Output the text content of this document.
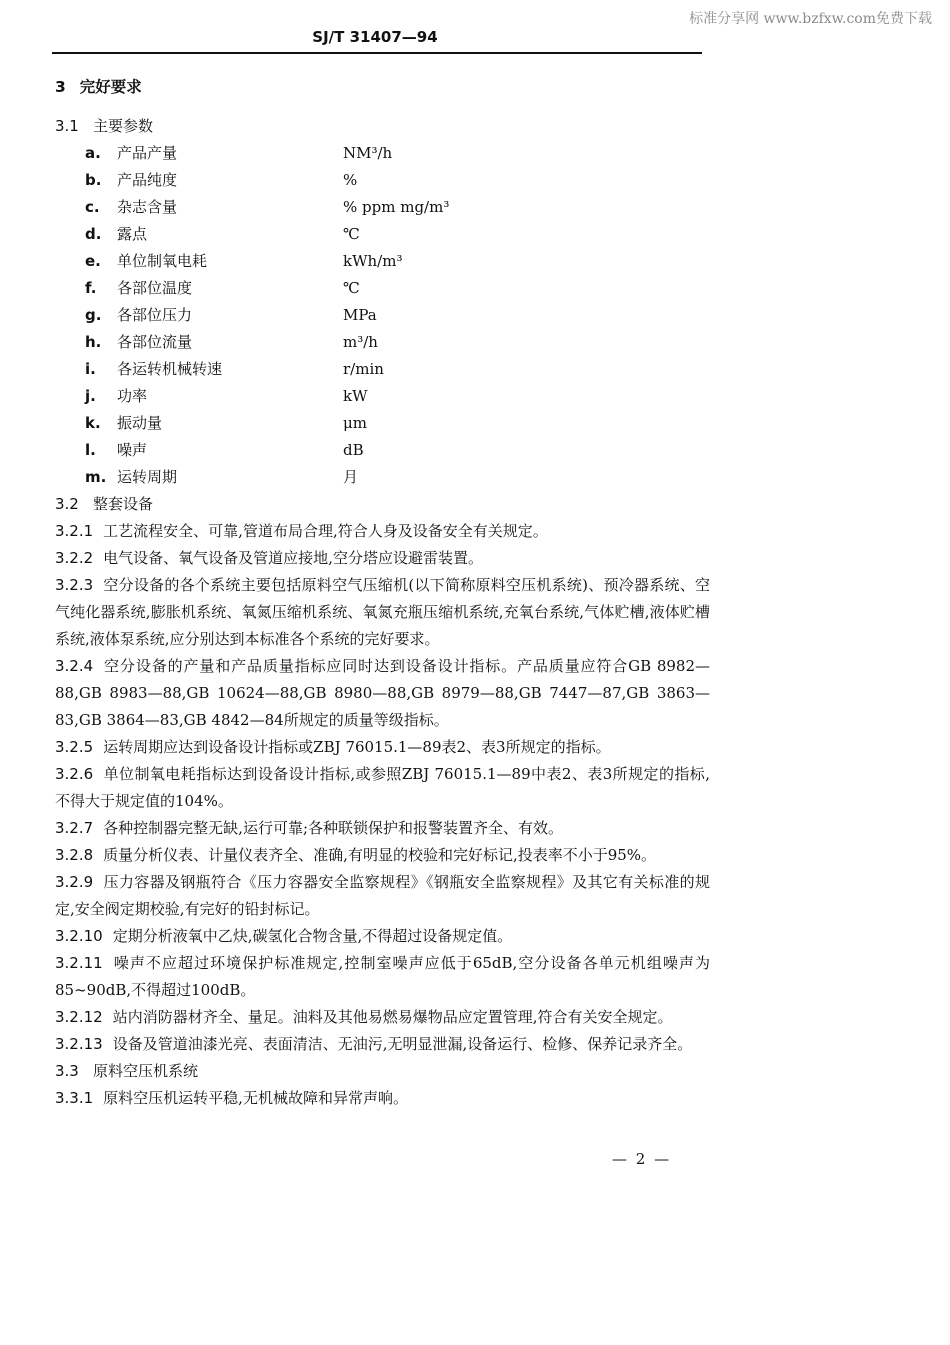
标准分享网 www.bzfxw.com免费下载
SJ/T 31407—94
3 完好要求
3.1 主要参数
a. 产品产量	NM³/h
b. 产品纯度	%
c. 杂志含量	% ppm mg/m³
d. 露点	℃
e. 单位制氧电耗	kWh/m³
f. 各部位温度	℃
g. 各部位压力	MPa
h. 各部位流量	m³/h
i. 各运转机械转速	r/min
j. 功率	kW
k. 振动量	μm
l. 噪声	dB
m. 运转周期	月
3.2 整套设备
3.2.1 工艺流程安全、可靠,管道布局合理,符合人身及设备安全有关规定。
3.2.2 电气设备、氧气设备及管道应接地,空分塔应设避雷装置。
3.2.3 空分设备的各个系统主要包括原料空气压缩机(以下简称原料空压机系统)、预冷器系统、空气纯化器系统,膨胀机系统、氧氮压缩机系统、氧氮充瓶压缩机系统,充氧台系统,气体贮槽,液体贮槽系统,液体泵系统,应分别达到本标准各个系统的完好要求。
3.2.4 空分设备的产量和产品质量指标应同时达到设备设计指标。产品质量应符合GB 8982—88,GB 8983—88,GB 10624—88,GB 8980—88,GB 8979—88,GB 7447—87,GB 3863—83,GB 3864—83,GB 4842—84所规定的质量等级指标。
3.2.5 运转周期应达到设备设计指标或ZBJ 76015.1—89表2、表3所规定的指标。
3.2.6 单位制氧电耗指标达到设备设计指标,或参照ZBJ 76015.1—89中表2、表3所规定的指标,不得大于规定值的104%。
3.2.7 各种控制器完整无缺,运行可靠;各种联锁保护和报警装置齐全、有效。
3.2.8 质量分析仪表、计量仪表齐全、准确,有明显的校验和完好标记,投表率不小于95%。
3.2.9 压力容器及钢瓶符合《压力容器安全监察规程》《钢瓶安全监察规程》及其它有关标准的规定,安全阀定期校验,有完好的铅封标记。
3.2.10 定期分析液氧中乙炔,碳氢化合物含量,不得超过设备规定值。
3.2.11 噪声不应超过环境保护标准规定,控制室噪声应低于65dB,空分设备各单元机组噪声为85~90dB,不得超过100dB。
3.2.12 站内消防器材齐全、量足。油料及其他易燃易爆物品应定置管理,符合有关安全规定。
3.2.13 设备及管道油漆光亮、表面清洁、无油污,无明显泄漏,设备运行、检修、保养记录齐全。
3.3 原料空压机系统
3.3.1 原料空压机运转平稳,无机械故障和异常声响。
— 2 —
